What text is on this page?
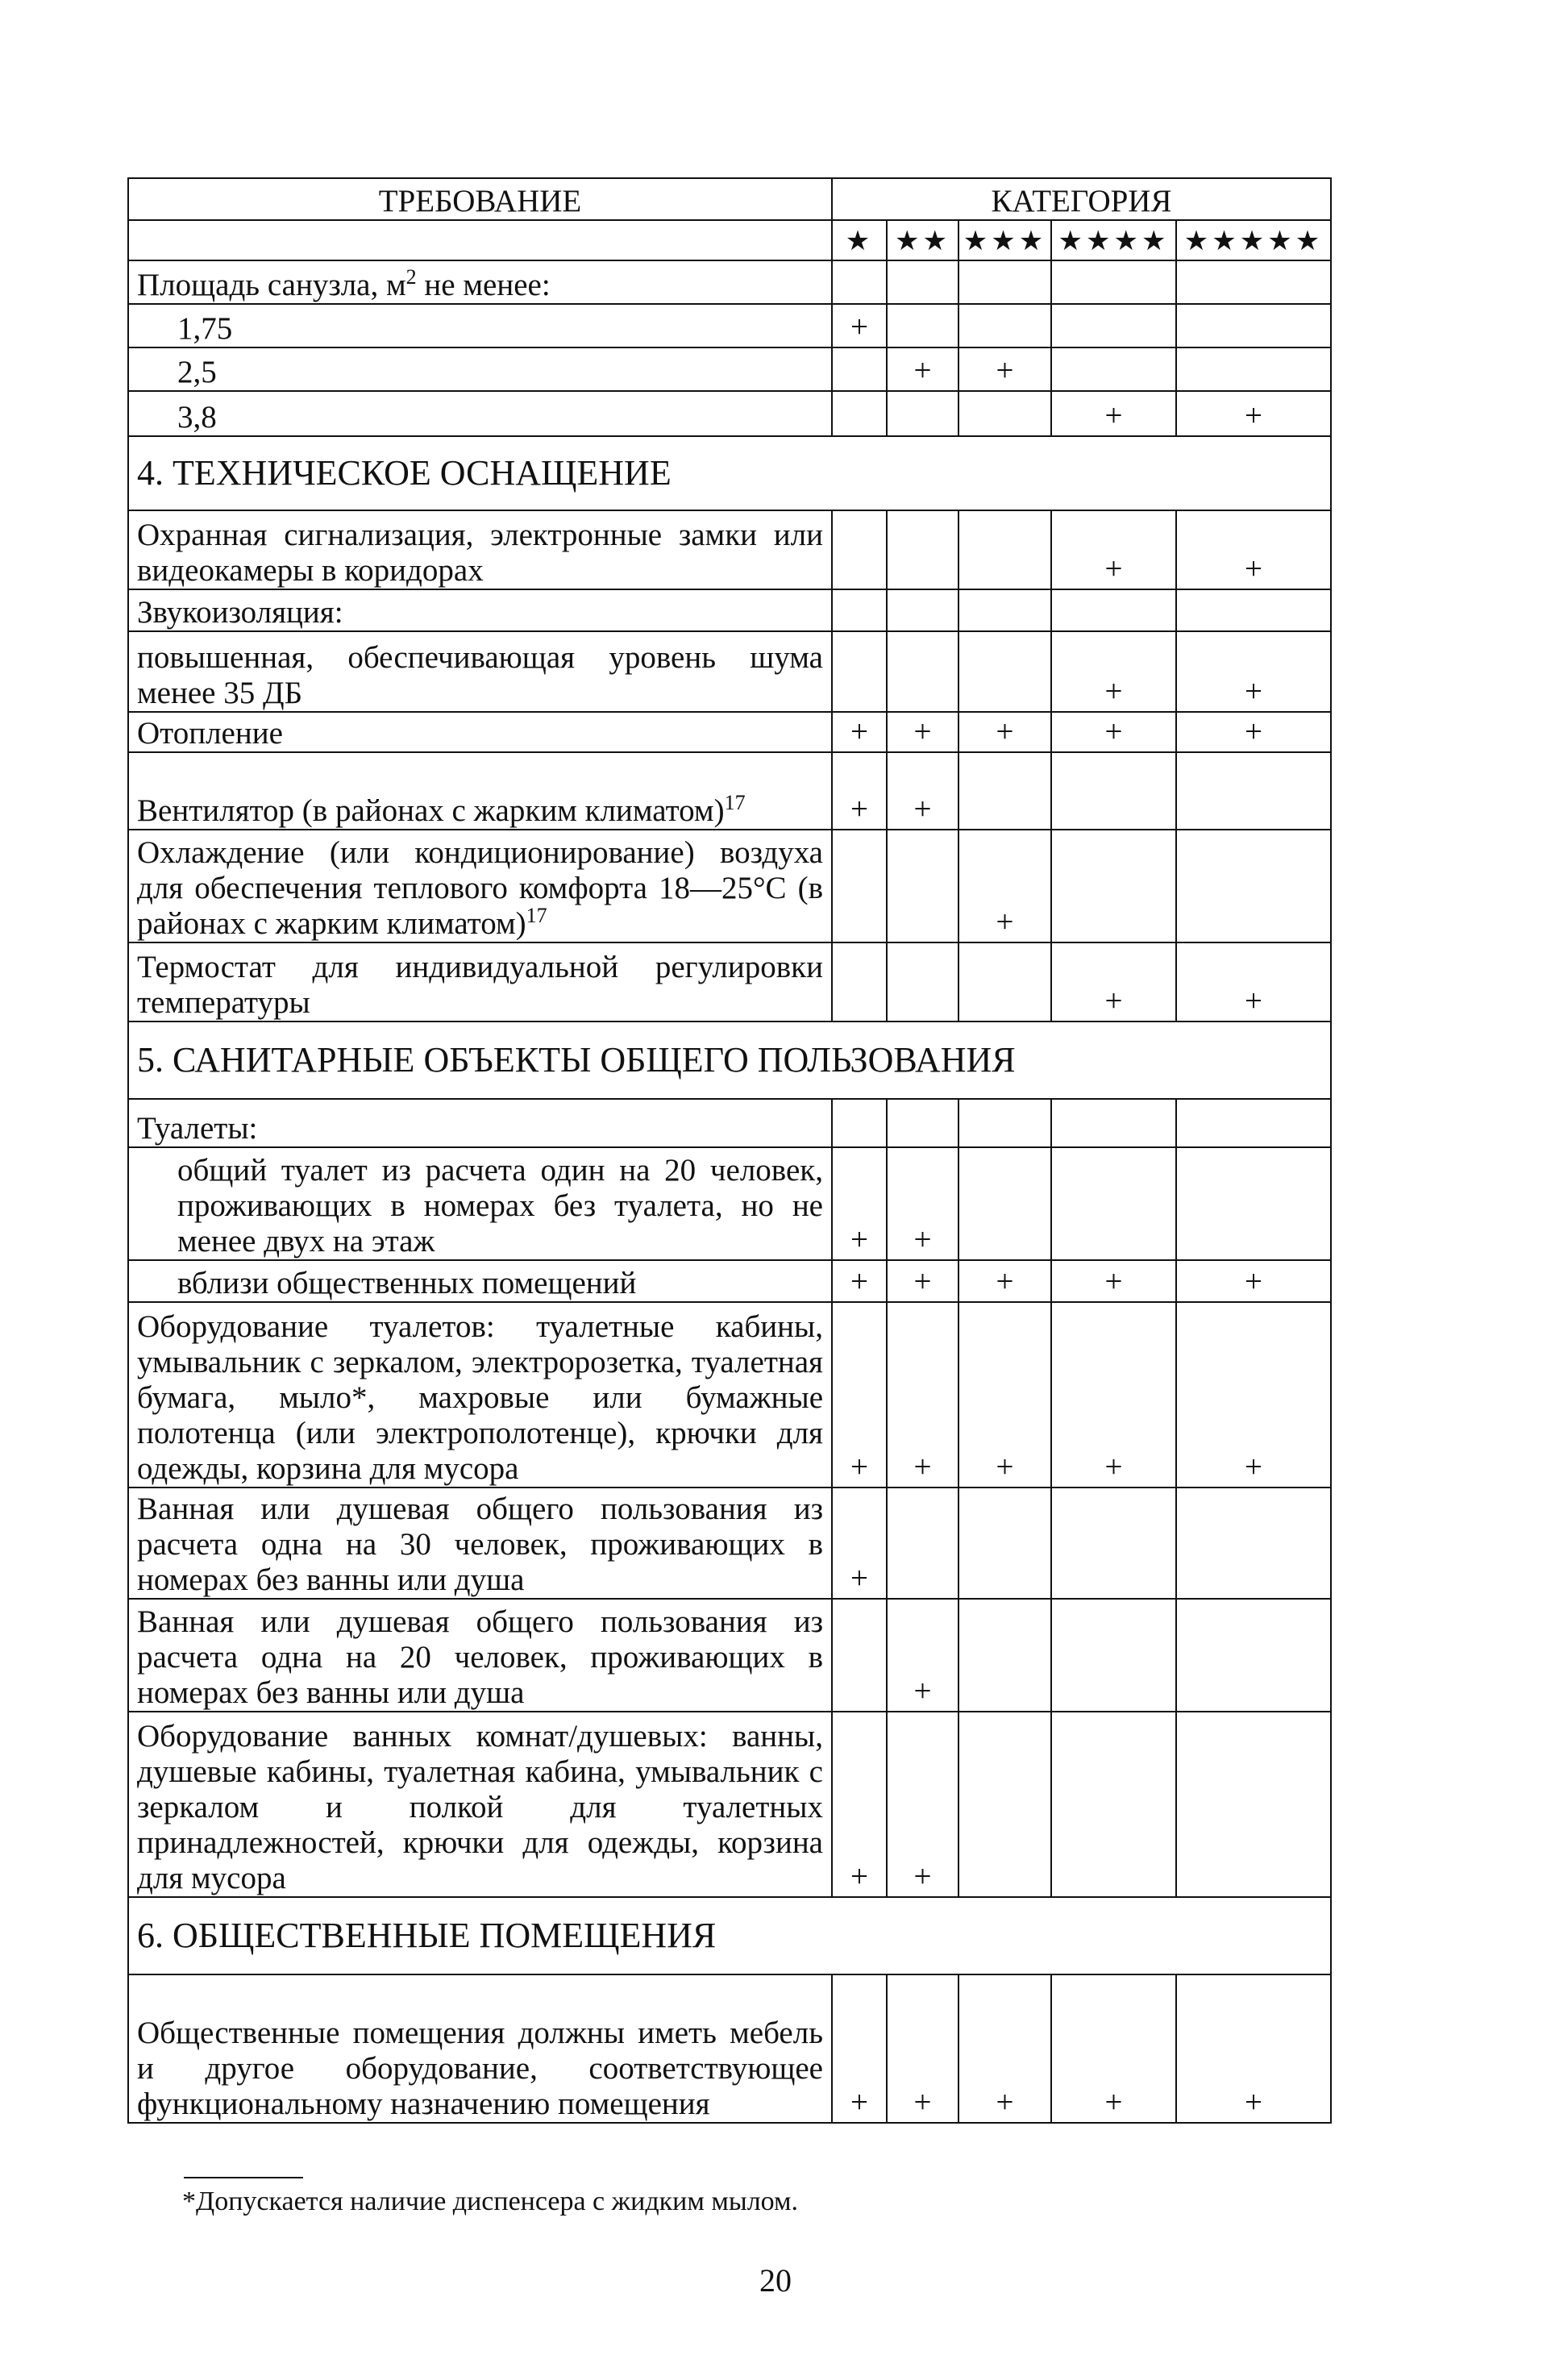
ТРЕБОВАНИЕ	КАТЕГОРИЯ				
	★	★★	★★★	★★★★	★★★★★
Площадь санузла, $м^2$ не менее:					
1,75	+				
2,5		+	+		
3,8				+	+
4. ТЕХНИЧЕСКОЕ ОСНАЩЕНИЕ					
Охранная сигнализация, электронные замки или видеокамеры в коридорах				+	+
Звукоизоляция:					
повышенная, обеспечивающая уровень шума менее 35 ДБ				+	+
Отопление	+	+	+	+	+
Вентилятор (в районах с жарким климатом)$^{17}$	+	+			
Охлаждение (или кондиционирование) воздуха для обеспечения теплового комфорта 18—25°С (в районах с жарким климатом)$^{17}$			+		
Термостат для индивидуальной регулировки температуры				+	+
5. САНИТАРНЫЕ ОБЪЕКТЫ ОБЩЕГО ПОЛЬЗОВАНИЯ					
Туалеты:					
общий туалет из расчета один на 20 человек, проживающих в номерах без туалета, но не менее двух на этаж	+	+			
вблизи общественных помещений	+	+	+	+	+
Оборудование туалетов: туалетные кабины, умывальник с зеркалом, электророзетка, туалетная бумага, мыло*, махровые или бумажные полотенца (или электрополотенце), крючки для одежды, корзина для мусора	+	+	+	+	+
Ванная или душевая общего пользования из расчета одна на 30 человек, проживающих в номерах без ванны или душа	+				
Ванная или душевая общего пользования из расчета одна на 20 человек, проживающих в номерах без ванны или душа		+			
Оборудование ванных комнат/душевых: ванны, душевые кабины, туалетная кабина, умывальник с зеркалом и полкой для туалетных принадлежностей, крючки для одежды, корзина для мусора	+	+			
6. ОБЩЕСТВЕННЫЕ ПОМЕЩЕНИЯ					
Общественные помещения должны иметь мебель и другое оборудование, соответствующее функциональному назначению помещения	+	+	+	+	+
*Допускается наличие диспенсера с жидким мылом.
20
